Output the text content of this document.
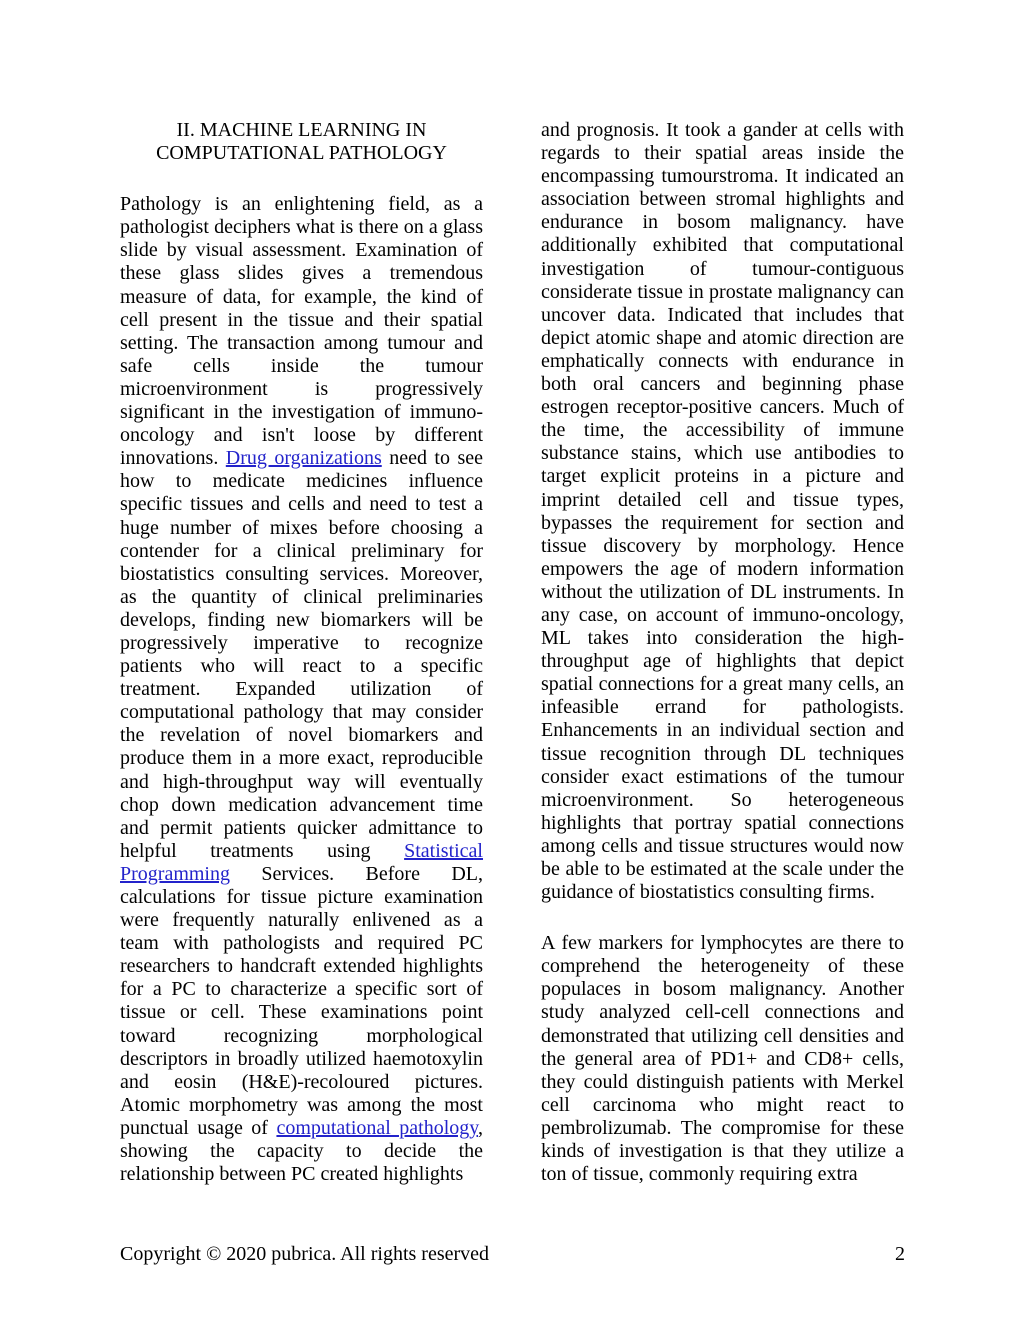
II. MACHINE LEARNING IN
COMPUTATIONAL PATHOLOGY

Pathology is an enlightening field, as a pathologist deciphers what is there on a glass slide by visual assessment. Examination of these glass slides gives a tremendous measure of data, for example, the kind of cell present in the tissue and their spatial setting. The transaction among tumour and safe cells inside the tumour microenvironment is progressively significant in the investigation of immuno-oncology and isn't loose by different innovations. Drug organizations need to see how to medicate medicines influence specific tissues and cells and need to test a huge number of mixes before choosing a contender for a clinical preliminary for biostatistics consulting services. Moreover, as the quantity of clinical preliminaries develops, finding new biomarkers will be progressively imperative to recognize patients who will react to a specific treatment. Expanded utilization of computational pathology that may consider the revelation of novel biomarkers and produce them in a more exact, reproducible and high-throughput way will eventually chop down medication advancement time and permit patients quicker admittance to helpful treatments using Statistical Programming Services. Before DL, calculations for tissue picture examination were frequently naturally enlivened as a team with pathologists and required PC researchers to handcraft extended highlights for a PC to characterize a specific sort of tissue or cell. These examinations point toward recognizing morphological descriptors in broadly utilized haemotoxylin and eosin (H&E)-recoloured pictures. Atomic morphometry was among the most punctual usage of computational pathology, showing the capacity to decide the relationship between PC created highlights

and prognosis. It took a gander at cells with regards to their spatial areas inside the encompassing tumourstroma. It indicated an association between stromal highlights and endurance in bosom malignancy. have additionally exhibited that computational investigation of tumour-contiguous considerate tissue in prostate malignancy can uncover data. Indicated that includes that depict atomic shape and atomic direction are emphatically connects with endurance in both oral cancers and beginning phase estrogen receptor-positive cancers. Much of the time, the accessibility of immune substance stains, which use antibodies to target explicit proteins in a picture and imprint detailed cell and tissue types, bypasses the requirement for section and tissue discovery by morphology. Hence empowers the age of modern information without the utilization of DL instruments. In any case, on account of immuno-oncology, ML takes into consideration the high-throughput age of highlights that depict spatial connections for a great many cells, an infeasible errand for pathologists. Enhancements in an individual section and tissue recognition through DL techniques consider exact estimations of the tumour microenvironment. So heterogeneous highlights that portray spatial connections among cells and tissue structures would now be able to be estimated at the scale under the guidance of biostatistics consulting firms.

A few markers for lymphocytes are there to comprehend the heterogeneity of these populaces in bosom malignancy. Another study analyzed cell-cell connections and demonstrated that utilizing cell densities and the general area of PD1+ and CD8+ cells, they could distinguish patients with Merkel cell carcinoma who might react to pembrolizumab. The compromise for these kinds of investigation is that they utilize a ton of tissue, commonly requiring extra

Copyright © 2020 pubrica. All rights reserved	2
